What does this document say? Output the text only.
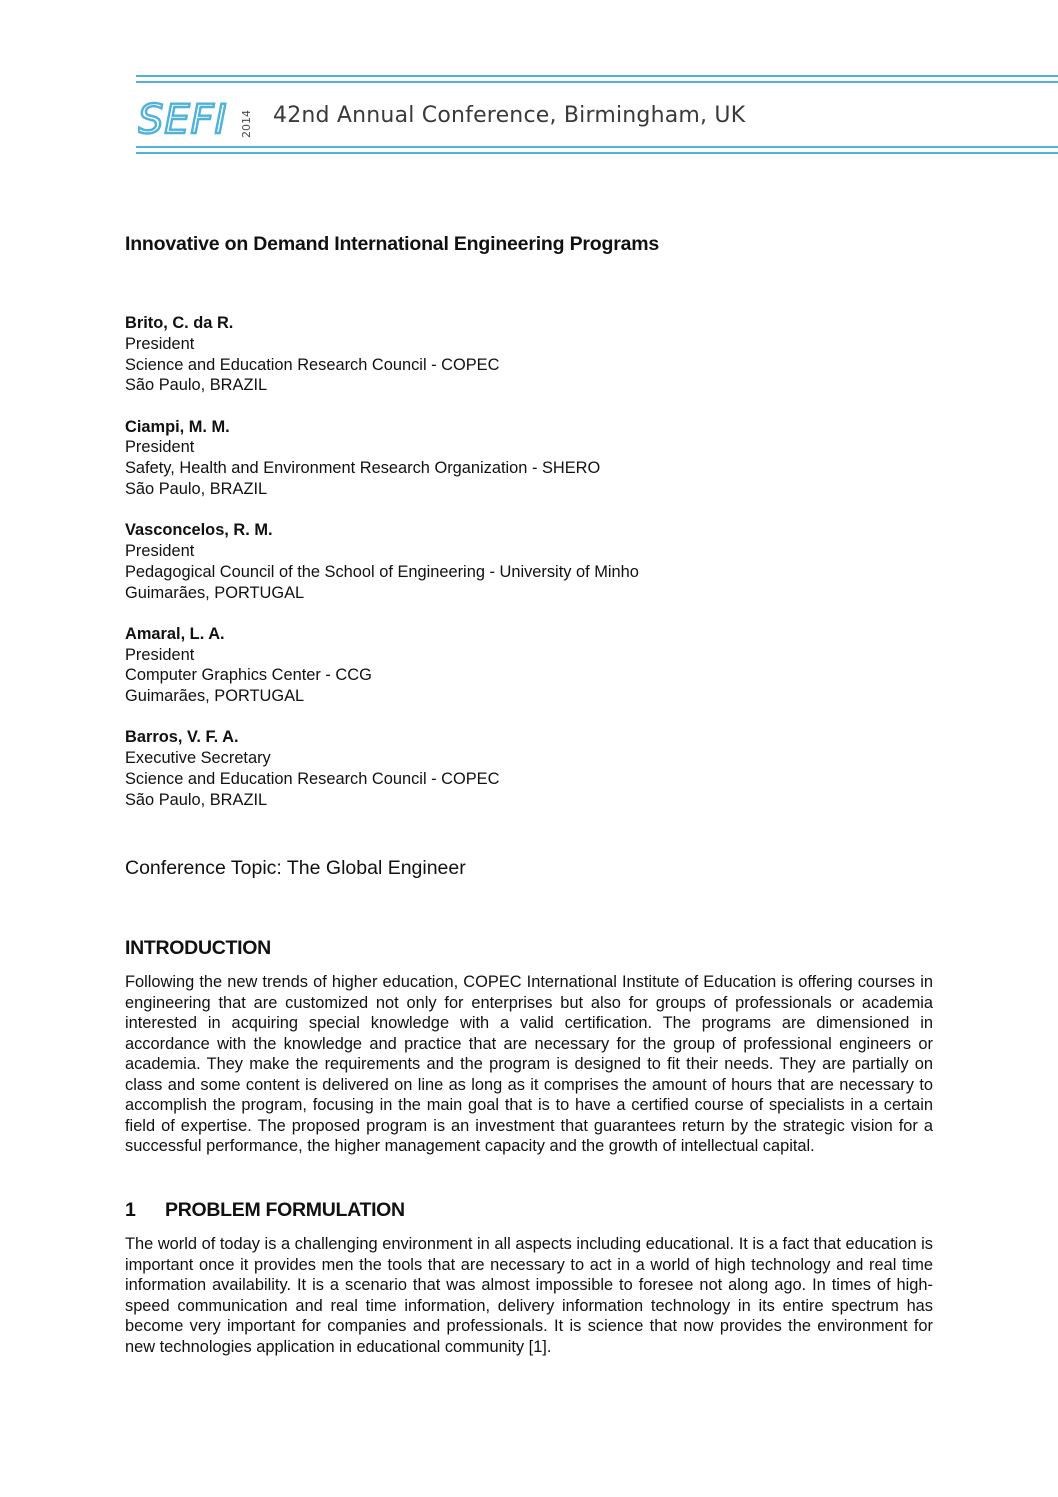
SEFI 2014 42nd Annual Conference, Birmingham, UK
Innovative on Demand International Engineering Programs
Brito, C. da R.
President
Science and Education Research Council - COPEC
São Paulo, BRAZIL
Ciampi, M. M.
President
Safety, Health and Environment Research Organization - SHERO
São Paulo, BRAZIL
Vasconcelos, R. M.
President
Pedagogical Council of the School of Engineering - University of Minho
Guimarães, PORTUGAL
Amaral, L. A.
President
Computer Graphics Center - CCG
Guimarães, PORTUGAL
Barros, V. F. A.
Executive Secretary
Science and Education Research Council - COPEC
São Paulo, BRAZIL
Conference Topic: The Global Engineer
INTRODUCTION
Following the new trends of higher education, COPEC International Institute of Education is offering courses in engineering that are customized not only for enterprises but also for groups of professionals or academia interested in acquiring special knowledge with a valid certification. The programs are dimensioned in accordance with the knowledge and practice that are necessary for the group of professional engineers or academia. They make the requirements and the program is designed to fit their needs. They are partially on class and some content is delivered on line as long as it comprises the amount of hours that are necessary to accomplish the program, focusing in the main goal that is to have a certified course of specialists in a certain field of expertise. The proposed program is an investment that guarantees return by the strategic vision for a successful performance, the higher management capacity and the growth of intellectual capital.
1 PROBLEM FORMULATION
The world of today is a challenging environment in all aspects including educational. It is a fact that education is important once it provides men the tools that are necessary to act in a world of high technology and real time information availability. It is a scenario that was almost impossible to foresee not along ago. In times of high-speed communication and real time information, delivery information technology in its entire spectrum has become very important for companies and professionals. It is science that now provides the environment for new technologies application in educational community [1].
